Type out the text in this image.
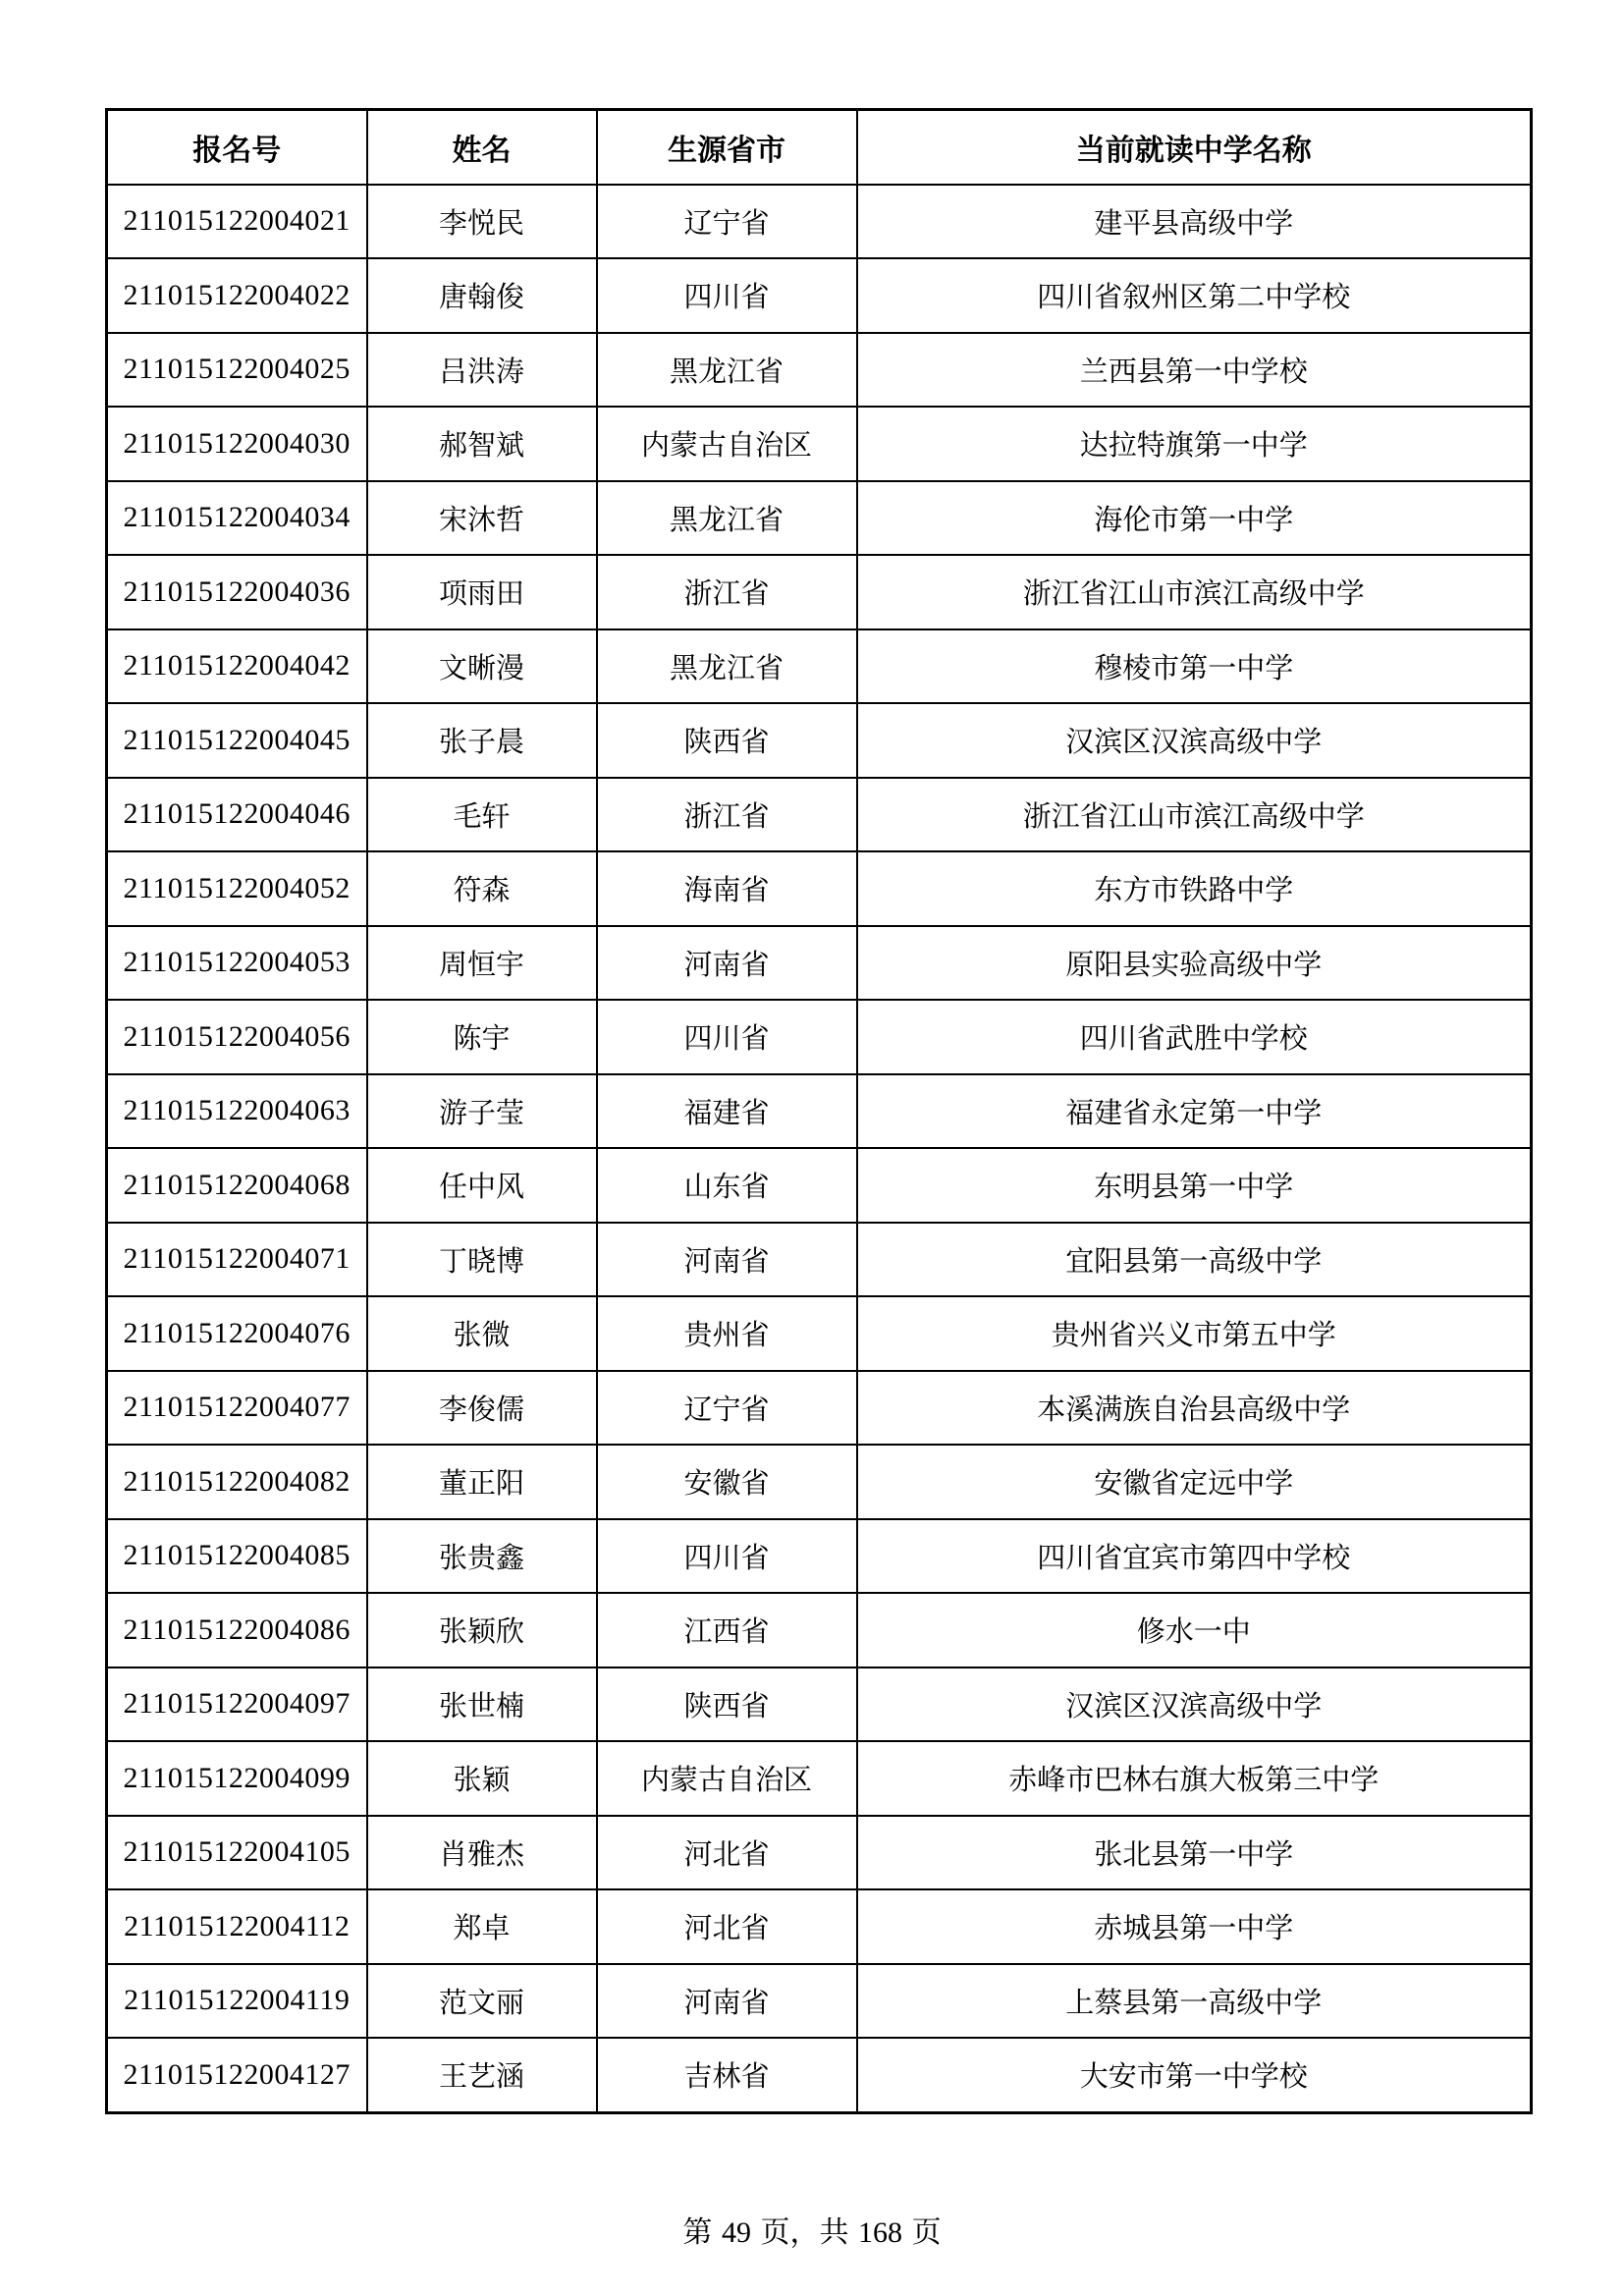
报名号	姓名	生源省市	当前就读中学名称
211015122004021	李悦民	辽宁省	建平县高级中学
211015122004022	唐翰俊	四川省	四川省叙州区第二中学校
211015122004025	吕洪涛	黑龙江省	兰西县第一中学校
211015122004030	郝智斌	内蒙古自治区	达拉特旗第一中学
211015122004034	宋沐哲	黑龙江省	海伦市第一中学
211015122004036	项雨田	浙江省	浙江省江山市滨江高级中学
211015122004042	文晰漫	黑龙江省	穆棱市第一中学
211015122004045	张子晨	陕西省	汉滨区汉滨高级中学
211015122004046	毛轩	浙江省	浙江省江山市滨江高级中学
211015122004052	符森	海南省	东方市铁路中学
211015122004053	周恒宇	河南省	原阳县实验高级中学
211015122004056	陈宇	四川省	四川省武胜中学校
211015122004063	游子莹	福建省	福建省永定第一中学
211015122004068	任中风	山东省	东明县第一中学
211015122004071	丁晓博	河南省	宜阳县第一高级中学
211015122004076	张微	贵州省	贵州省兴义市第五中学
211015122004077	李俊儒	辽宁省	本溪满族自治县高级中学
211015122004082	董正阳	安徽省	安徽省定远中学
211015122004085	张贵鑫	四川省	四川省宜宾市第四中学校
211015122004086	张颖欣	江西省	修水一中
211015122004097	张世楠	陕西省	汉滨区汉滨高级中学
211015122004099	张颖	内蒙古自治区	赤峰市巴林右旗大板第三中学
211015122004105	肖雅杰	河北省	张北县第一中学
211015122004112	郑卓	河北省	赤城县第一中学
211015122004119	范文丽	河南省	上蔡县第一高级中学
211015122004127	王艺涵	吉林省	大安市第一中学校
第 49 页，共 168 页
